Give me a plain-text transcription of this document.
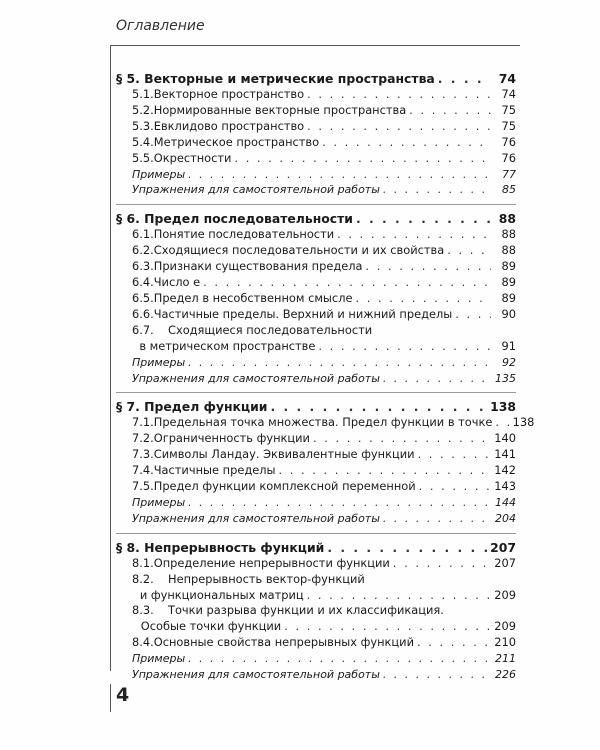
Оглавление
§ 5. Векторные и метрические пространства . . .	74
5.1. Векторное пространство . . .	74
5.2. Нормированные векторные пространства . . .	75
5.3. Евклидово пространство . . .	75
5.4. Метрическое пространство . . .	76
5.5. Окрестности . . .	76
Примеры . . .	77
Упражнения для самостоятельной работы . . .	85
§ 6. Предел последовательности . . .	88
6.1. Понятие последовательности . . .	88
6.2. Сходящиеся последовательности и их свойства . . .	88
6.3. Признаки существования предела . . .	89
6.4. Число e . . .	89
6.5. Предел в несобственном смысле . . .	89
6.6. Частичные пределы. Верхний и нижний пределы . . .	90
6.7.	Сходящиеся последовательности
в метрическом пространстве . . .	91
Примеры . . .	92
Упражнения для самостоятельной работы . . .	135
§ 7. Предел функции . . .	138
7.1. Предельная точка множества. Предел функции в точке . . . 138
7.2. Ограниченность функции . . .	140
7.3. Символы Ландау. Эквивалентные функции . . .	141
7.4. Частичные пределы . . .	142
7.5. Предел функции комплексной переменной . . .	143
Примеры . . .	144
Упражнения для самостоятельной работы . . .	204
§ 8. Непрерывность функций . . .	207
8.1. Определение непрерывности функции . . .	207
8.2.	Непрерывность вектор-функций
и функциональных матриц . . .	209
8.3.	Точки разрыва функции и их классификация.
Особые точки функции . . .	209
8.4. Основные свойства непрерывных функций . . .	210
Примеры . . .	211
Упражнения для самостоятельной работы . . .	226
4
